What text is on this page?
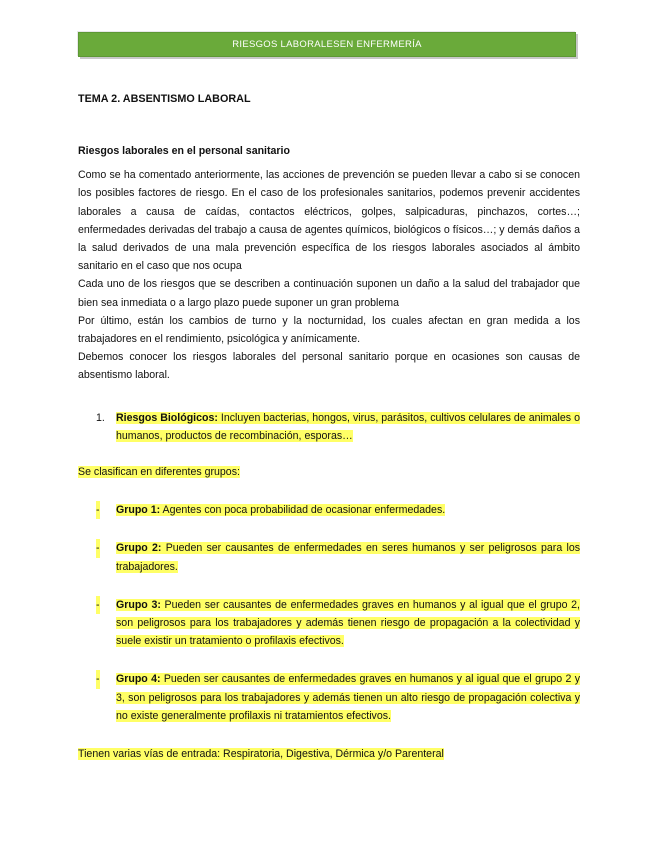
RIESGOS LABORALESEN ENFERMERÍA
TEMA 2. ABSENTISMO LABORAL
Riesgos laborales en el personal sanitario

Como se ha comentado anteriormente, las acciones de prevención se pueden llevar a cabo si se conocen los posibles factores de riesgo. En el caso de los profesionales sanitarios, podemos prevenir accidentes laborales a causa de caídas, contactos eléctricos, golpes, salpicaduras, pinchazos, cortes…; enfermedades derivadas del trabajo a causa de agentes químicos, biológicos o físicos…; y demás daños a la salud derivados de una mala prevención específica de los riesgos laborales asociados al ámbito sanitario en el caso que nos ocupa

Cada uno de los riesgos que se describen a continuación suponen un daño a la salud del trabajador que bien sea inmediata o a largo plazo puede suponer un gran problema

Por último, están los cambios de turno y la nocturnidad, los cuales afectan en gran medida a los trabajadores en el rendimiento, psicológica y anímicamente.

Debemos conocer los riesgos laborales del personal sanitario porque en ocasiones son causas de absentismo laboral.

1. Riesgos Biológicos: Incluyen bacterias, hongos, virus, parásitos, cultivos celulares de animales o humanos, productos de recombinación, esporas…
Se clasifican en diferentes grupos:
- Grupo 1: Agentes con poca probabilidad de ocasionar enfermedades.
- Grupo 2: Pueden ser causantes de enfermedades en seres humanos y ser peligrosos para los trabajadores.
- Grupo 3: Pueden ser causantes de enfermedades graves en humanos y al igual que el grupo 2, son peligrosos para los trabajadores y además tienen riesgo de propagación a la colectividad y suele existir un tratamiento o profilaxis efectivos.
- Grupo 4: Pueden ser causantes de enfermedades graves en humanos y al igual que el grupo 2 y 3, son peligrosos para los trabajadores y además tienen un alto riesgo de propagación colectiva y no existe generalmente profilaxis ni tratamientos efectivos.
Tienen varias vías de entrada: Respiratoria, Digestiva, Dérmica y/o Parenteral
